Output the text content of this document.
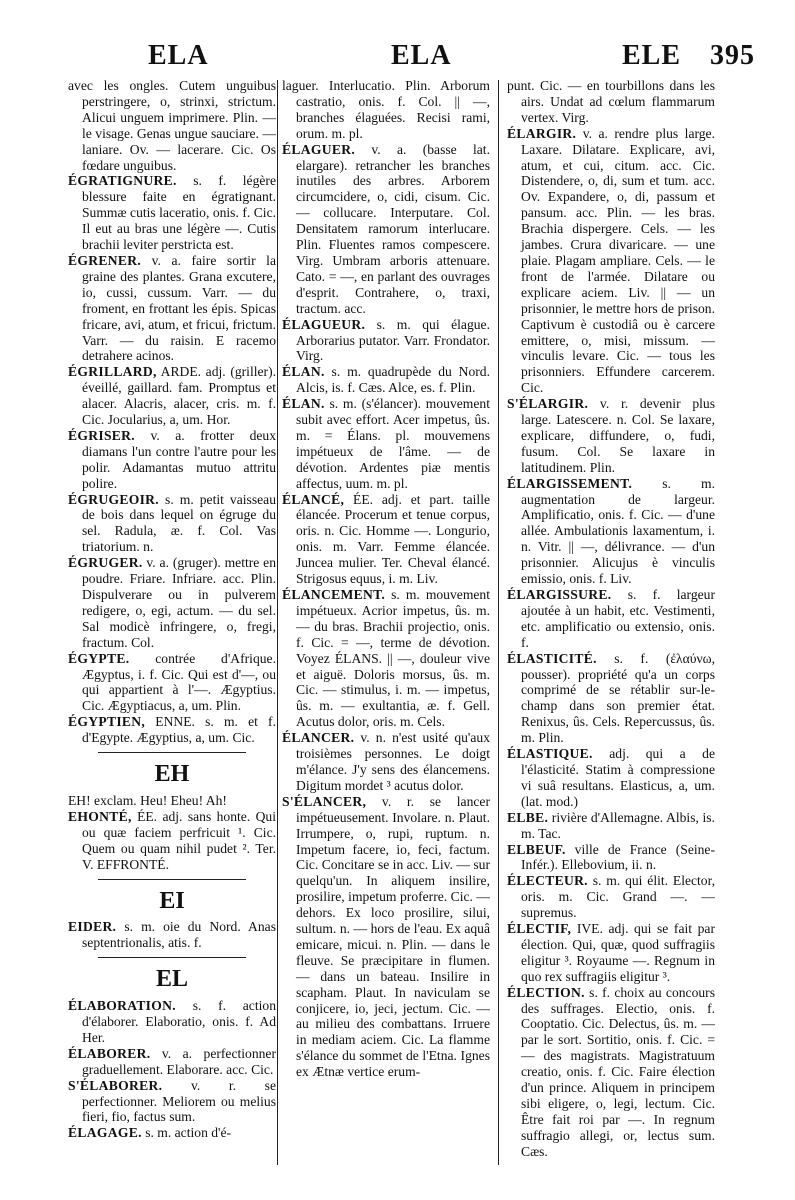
ELA	ELA	ELE 395

avec les ongles. Cutem unguibus perstringere, o, strinxi, strictum. Alicui unguem imprimere. Plin. — le visage. Genas ungue sauciare. — laniare. Ov. — lacerare. Cic. Os fœdare unguibus.

ÉGRATIGNURE. s. f. légère blessure faite en égratignant. Summæ cutis laceratio, onis. f. Cic. Il eut au bras une légère —. Cutis brachii leviter perstricta est.

ÉGRENER. v. a. faire sortir la graine des plantes. Grana excutere, io, cussi, cussum. Varr. — du froment, en frottant les épis. Spicas fricare, avi, atum, et fricui, frictum. Varr. — du raisin. E racemo detrahere acinos.

ÉGRILLARD, ARDE. adj. (griller). éveillé, gaillard. fam. Promptus et alacer. Alacris, alacer, cris. m. f. Cic. Jocularius, a, um. Hor.

ÉGRISER. v. a. frotter deux diamans l'un contre l'autre pour les polir. Adamantas mutuo attritu polire.

ÉGRUGEOIR. s. m. petit vaisseau de bois dans lequel on égruge du sel. Radula, æ. f. Col. Vas triatorium. n.

ÉGRUGER. v. a. (gruger). mettre en poudre. Friare. Infriare. acc. Plin. Dispulverare ou in pulverem redigere, o, egi, actum. — du sel. Sal modicè infringere, o, fregi, fractum. Col.

ÉGYPTE. contrée d'Afrique. Ægyptus, i. f. Cic. Qui est d'—, ou qui appartient à l'—. Ægyptius. Cic. Ægyptiacus, a, um. Plin.

ÉGYPTIEN, ENNE. s. m. et f. d'Egypte. Ægyptius, a, um. Cic.

EH

EH! exclam. Heu! Eheu! Ah!

EHONTÉ, ÉE. adj. sans honte. Qui ou quæ faciem perfricuit ¹. Cic. Quem ou quam nihil pudet ². Ter. V. EFFRONTÉ.

EI

EIDER. s. m. oie du Nord. Anas septentrionalis, atis. f.

EL

ÉLABORATION. s. f. action d'élaborer. Elaboratio, onis. f. Ad Her.

ÉLABORER. v. a. perfectionner graduellement. Elaborare. acc. Cic.

S'ÉLABORER. v. r. se perfectionner. Meliorem ou melius fieri, fio, factus sum.

ÉLAGAGE. s. m. action d'é-

laguer. Interlucatio. Plin. Arborum castratio, onis. f. Col. || —, branches élaguées. Recisi rami, orum. m. pl.

ÉLAGUER. v. a. (basse lat. elargare). retrancher les branches inutiles des arbres. Arborem circumcidere, o, cidi, cisum. Cic. — collucare. Interputare. Col. Densitatem ramorum interlucare. Plin. Fluentes ramos compescere. Virg. Umbram arboris attenuare. Cato. = —, en parlant des ouvrages d'esprit. Contrahere, o, traxi, tractum. acc.

ÉLAGUEUR. s. m. qui élague. Arborarius putator. Varr. Frondator. Virg.

ÉLAN. s. m. quadrupède du Nord. Alcis, is. f. Cæs. Alce, es. f. Plin.

ÉLAN. s. m. (s'élancer). mouvement subit avec effort. Acer impetus, ûs. m. = Élans. pl. mouvemens impétueux de l'âme. — de dévotion. Ardentes piæ mentis affectus, uum. m. pl.

ÉLANCÉ, ÉE. adj. et part. taille élancée. Procerum et tenue corpus, oris. n. Cic. Homme —. Longurio, onis. m. Varr. Femme élancée. Juncea mulier. Ter. Cheval élancé. Strigosus equus, i. m. Liv.

ÉLANCEMENT. s. m. mouvement impétueux. Acrior impetus, ûs. m. — du bras. Brachii projectio, onis. f. Cic. = —, terme de dévotion. Voyez ÉLANS. || —, douleur vive et aiguë. Doloris morsus, ûs. m. Cic. — stimulus, i. m. — impetus, ûs. m. — exultantia, æ. f. Gell. Acutus dolor, oris. m. Cels.

ÉLANCER. v. n. n'est usité qu'aux troisièmes personnes. Le doigt m'élance. J'y sens des élancemens. Digitum mordet ³ acutus dolor.

S'ÉLANCER, v. r. se lancer impétueusement. Involare. n. Plaut. Irrumpere, o, rupi, ruptum. n. Impetum facere, io, feci, factum. Cic. Concitare se in acc. Liv. — sur quelqu'un. In aliquem insilire, prosilire, impetum proferre. Cic. — dehors. Ex loco prosilire, silui, sultum. n. — hors de l'eau. Ex aquâ emicare, micui. n. Plin. — dans le fleuve. Se præcipitare in flumen. — dans un bateau. Insilire in scapham. Plaut. In naviculam se conjicere, io, jeci, jectum. Cic. — au milieu des combattans. Irruere in mediam aciem. Cic. La flamme s'élance du sommet de l'Etna. Ignes ex Ætnæ vertice erum-

punt. Cic. — en tourbillons dans les airs. Undat ad cœlum flammarum vertex. Virg.

ÉLARGIR. v. a. rendre plus large. Laxare. Dilatare. Explicare, avi, atum, et cui, citum. acc. Cic. Distendere, o, di, sum et tum. acc. Ov. Expandere, o, di, passum et pansum. acc. Plin. — les bras. Brachia dispergere. Cels. — les jambes. Crura divaricare. — une plaie. Plagam ampliare. Cels. — le front de l'armée. Dilatare ou explicare aciem. Liv. || — un prisonnier, le mettre hors de prison. Captivum è custodiâ ou è carcere emittere, o, misi, missum. — vinculis levare. Cic. — tous les prisonniers. Effundere carcerem. Cic.

S'ÉLARGIR. v. r. devenir plus large. Latescere. n. Col. Se laxare, explicare, diffundere, o, fudi, fusum. Col. Se laxare in latitudinem. Plin.

ÉLARGISSEMENT. s. m. augmentation de largeur. Amplificatio, onis. f. Cic. — d'une allée. Ambulationis laxamentum, i. n. Vitr. || —, délivrance. — d'un prisonnier. Alicujus è vinculis emissio, onis. f. Liv.

ÉLARGISSURE. s. f. largeur ajoutée à un habit, etc. Vestimenti, etc. amplificatio ou extensio, onis. f.

ÉLASTICITÉ. s. f. (ἐλαύνω, pousser). propriété qu'a un corps comprimé de se rétablir sur-le-champ dans son premier état. Renixus, ûs. Cels. Repercussus, ûs. m. Plin.

ÉLASTIQUE. adj. qui a de l'élasticité. Statim à compressione vi suâ resultans. Elasticus, a, um. (lat. mod.)

ELBE. rivière d'Allemagne. Albis, is. m. Tac.

ELBEUF. ville de France (Seine-Infér.). Ellebovium, ii. n.

ÉLECTEUR. s. m. qui élit. Elector, oris. m. Cic. Grand —. — supremus.

ÉLECTIF, IVE. adj. qui se fait par élection. Qui, quæ, quod suffragiis eligitur ³. Royaume —. Regnum in quo rex suffragiis eligitur ³.

ÉLECTION. s. f. choix au concours des suffrages. Electio, onis. f. Cooptatio. Cic. Delectus, ûs. m. — par le sort. Sortitio, onis. f. Cic. = — des magistrats. Magistratuum creatio, onis. f. Cic. Faire élection d'un prince. Aliquem in principem sibi eligere, o, legi, lectum. Cic. Être fait roi par —. In regnum suffragio allegi, or, lectus sum. Cæs.
